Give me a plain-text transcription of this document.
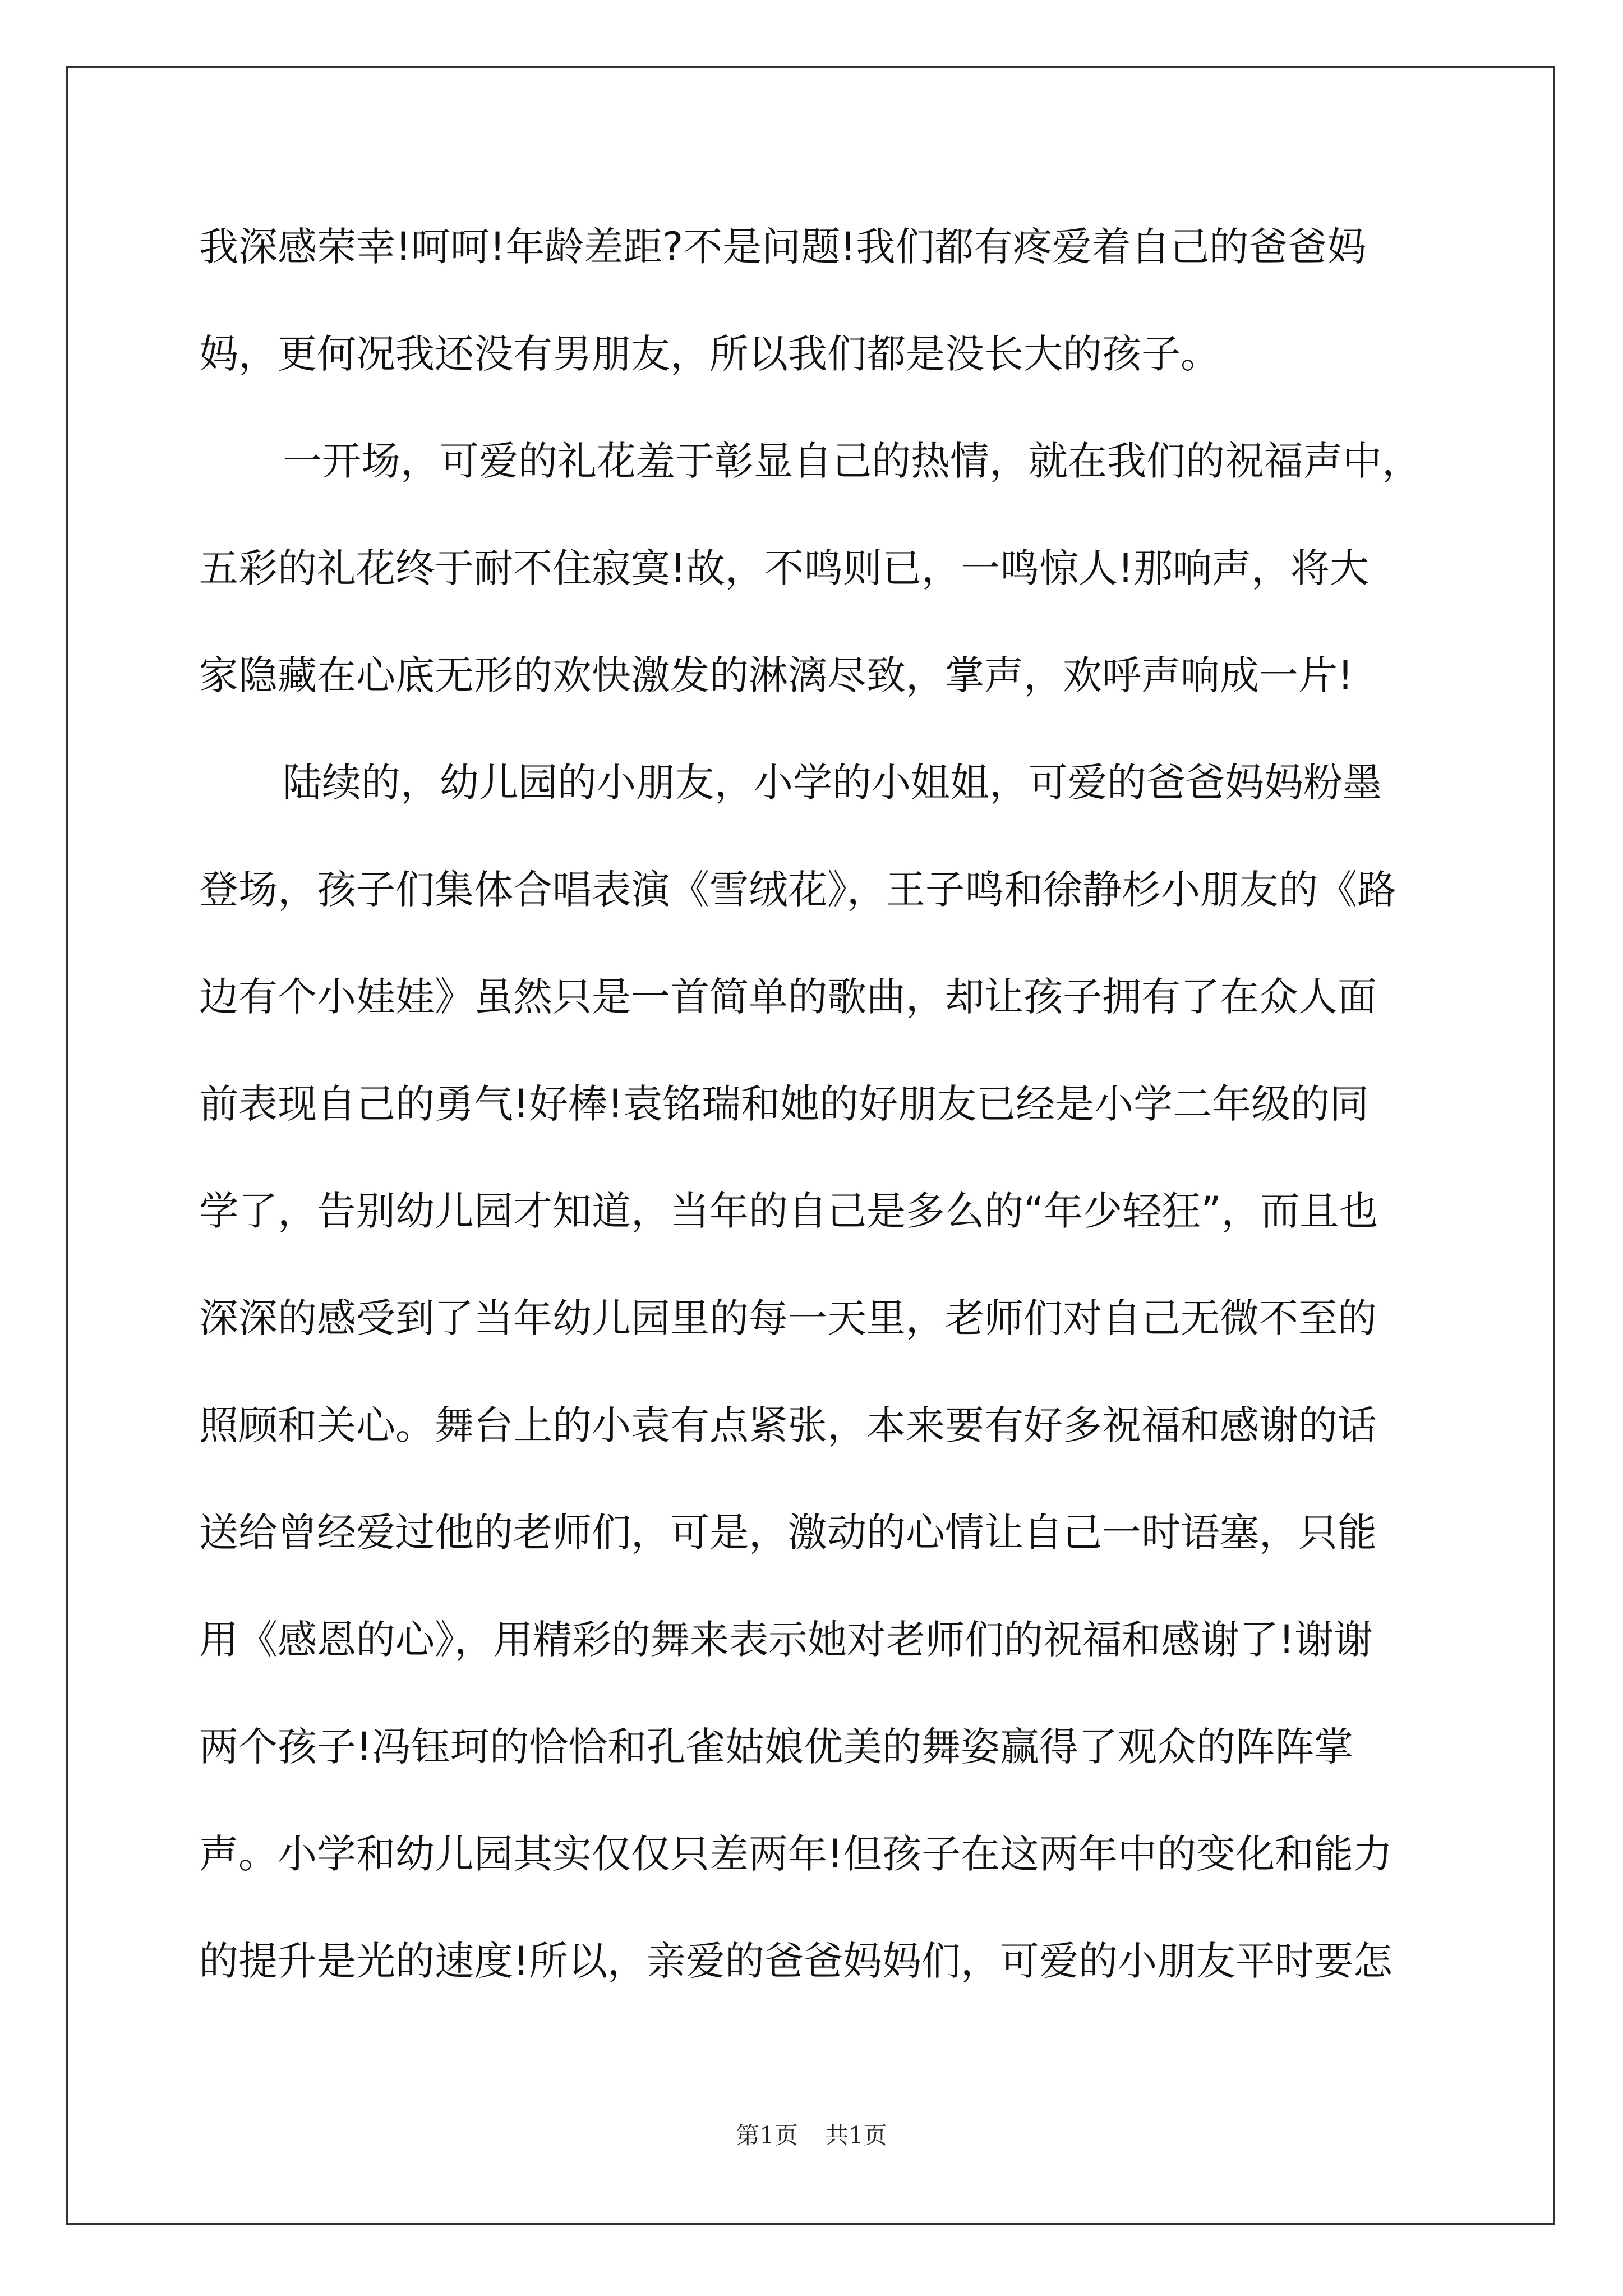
我深感荣幸!呵呵!年龄差距?不是问题!我们都有疼爱着自己的爸爸妈
妈，更何况我还没有男朋友，所以我们都是没长大的孩子。
一开场，可爱的礼花羞于彰显自己的热情，就在我们的祝福声中，
五彩的礼花终于耐不住寂寞!故，不鸣则已，一鸣惊人!那响声，将大
家隐藏在心底无形的欢快激发的淋漓尽致，掌声，欢呼声响成一片!
陆续的，幼儿园的小朋友，小学的小姐姐，可爱的爸爸妈妈粉墨
登场，孩子们集体合唱表演《雪绒花》，王子鸣和徐静杉小朋友的《路
边有个小娃娃》虽然只是一首简单的歌曲，却让孩子拥有了在众人面
前表现自己的勇气!好棒!袁铭瑞和她的好朋友已经是小学二年级的同
学了，告别幼儿园才知道，当年的自己是多么的“年少轻狂”，而且也
深深的感受到了当年幼儿园里的每一天里，老师们对自己无微不至的
照顾和关心。舞台上的小袁有点紧张，本来要有好多祝福和感谢的话
送给曾经爱过他的老师们，可是，激动的心情让自己一时语塞，只能
用《感恩的心》，用精彩的舞来表示她对老师们的祝福和感谢了!谢谢
两个孩子!冯钰珂的恰恰和孔雀姑娘优美的舞姿赢得了观众的阵阵掌
声。小学和幼儿园其实仅仅只差两年!但孩子在这两年中的变化和能力
的提升是光的速度!所以，亲爱的爸爸妈妈们，可爱的小朋友平时要怎
第1页 共1页
